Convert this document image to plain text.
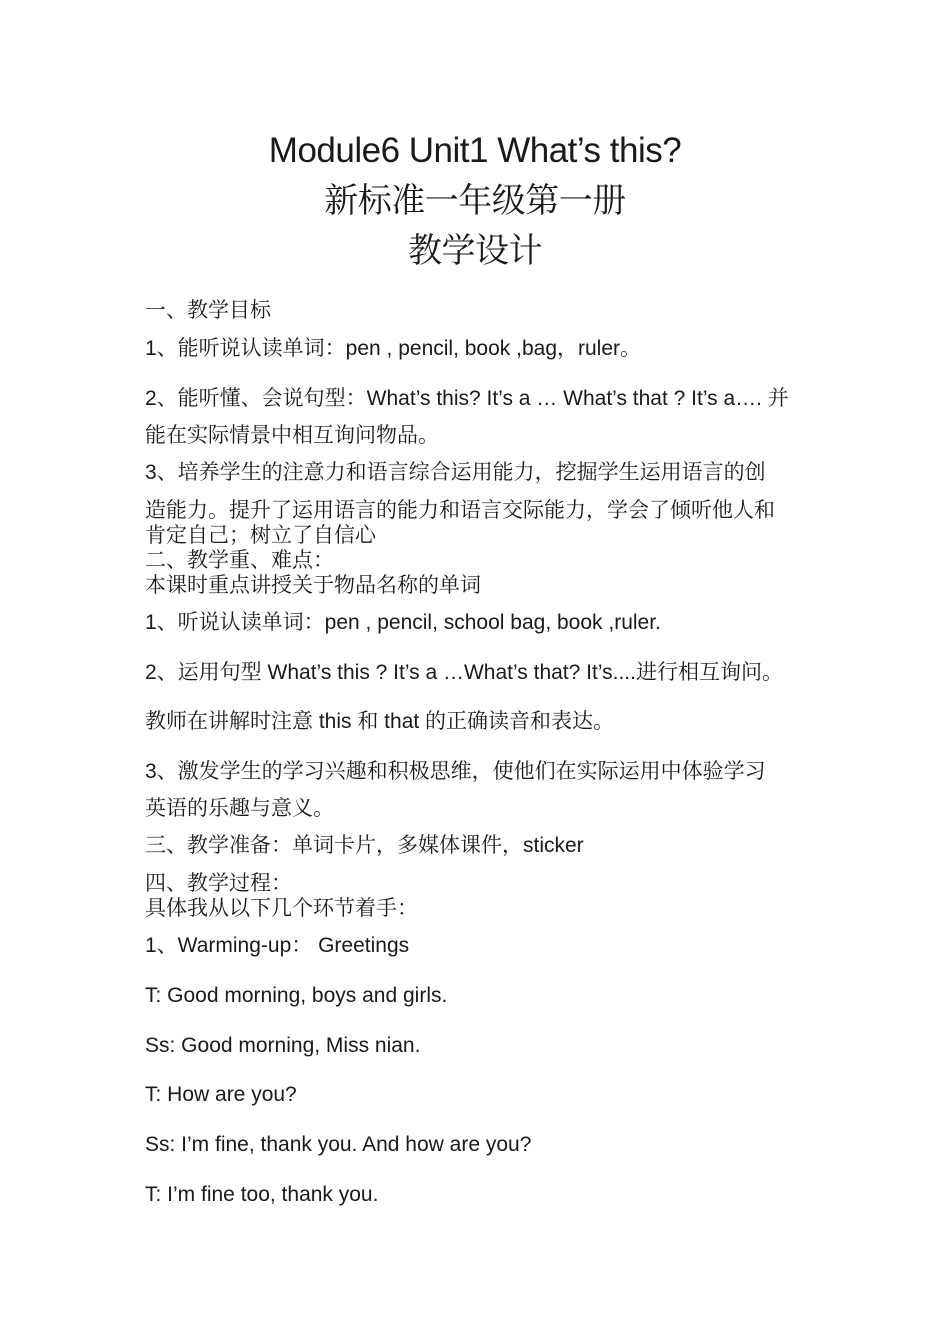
Module6 Unit1 What’s this?
新标准一年级第一册
教学设计

一、教学目标

1、能听说认读单词：pen , pencil, book ,bag，ruler。

2、能听懂、会说句型：What’s this? It’s a … What’s that ? It’s a…. 并

能在实际情景中相互询问物品。

3、培养学生的注意力和语言综合运用能力，挖掘学生运用语言的创

造能力。提升了运用语言的能力和语言交际能力，学会了倾听他人和

肯定自己；树立了自信心

二、教学重、难点：

本课时重点讲授关于物品名称的单词

1、听说认读单词：pen , pencil, school bag, book ,ruler.

2、运用句型 What’s this ? It’s a …What’s that? It’s....进行相互询问。

教师在讲解时注意 this 和 that 的正确读音和表达。

3、激发学生的学习兴趣和积极思维，使他们在实际运用中体验学习

英语的乐趣与意义。

三、教学准备：单词卡片，多媒体课件，sticker

四、教学过程：

具体我从以下几个环节着手：

1、Warming-up： Greetings

T: Good morning, boys and girls.

Ss: Good morning, Miss nian.

T: How are you?

Ss: I’m fine, thank you. And how are you?

T: I’m fine too, thank you.
